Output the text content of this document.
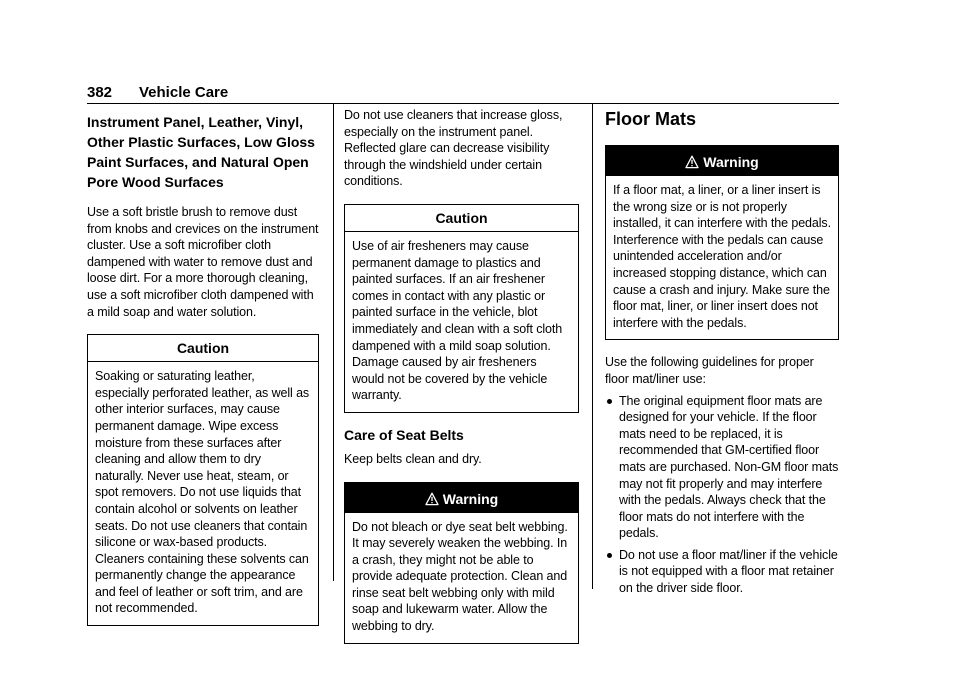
382 Vehicle Care
Instrument Panel, Leather, Vinyl, Other Plastic Surfaces, Low Gloss Paint Surfaces, and Natural Open Pore Wood Surfaces
Use a soft bristle brush to remove dust from knobs and crevices on the instrument cluster. Use a soft microfiber cloth dampened with water to remove dust and loose dirt. For a more thorough cleaning, use a soft microfiber cloth dampened with a mild soap and water solution.
Caution
Soaking or saturating leather, especially perforated leather, as well as other interior surfaces, may cause permanent damage. Wipe excess moisture from these surfaces after cleaning and allow them to dry naturally. Never use heat, steam, or spot removers. Do not use liquids that contain alcohol or solvents on leather seats. Do not use cleaners that contain silicone or wax-based products. Cleaners containing these solvents can permanently change the appearance and feel of leather or soft trim, and are not recommended.
Do not use cleaners that increase gloss, especially on the instrument panel. Reflected glare can decrease visibility through the windshield under certain conditions.
Caution
Use of air fresheners may cause permanent damage to plastics and painted surfaces. If an air freshener comes in contact with any plastic or painted surface in the vehicle, blot immediately and clean with a soft cloth dampened with a mild soap solution. Damage caused by air fresheners would not be covered by the vehicle warranty.
Care of Seat Belts
Keep belts clean and dry.
Warning
Do not bleach or dye seat belt webbing. It may severely weaken the webbing. In a crash, they might not be able to provide adequate protection. Clean and rinse seat belt webbing only with mild soap and lukewarm water. Allow the webbing to dry.
Floor Mats
Warning
If a floor mat, a liner, or a liner insert is the wrong size or is not properly installed, it can interfere with the pedals. Interference with the pedals can cause unintended acceleration and/or increased stopping distance, which can cause a crash and injury. Make sure the floor mat, liner, or liner insert does not interfere with the pedals.
Use the following guidelines for proper floor mat/liner use:
The original equipment floor mats are designed for your vehicle. If the floor mats need to be replaced, it is recommended that GM-certified floor mats are purchased. Non-GM floor mats may not fit properly and may interfere with the pedals. Always check that the floor mats do not interfere with the pedals.
Do not use a floor mat/liner if the vehicle is not equipped with a floor mat retainer on the driver side floor.
